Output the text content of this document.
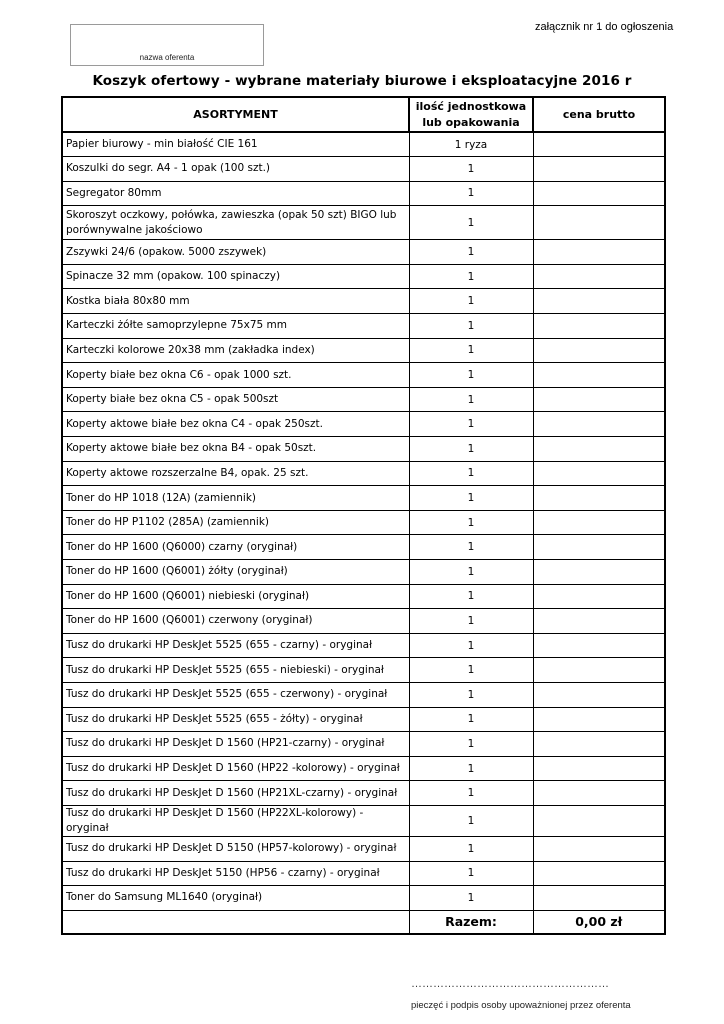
załącznik nr 1 do ogłoszenia
nazwa oferenta
Koszyk ofertowy - wybrane materiały biurowe i eksploatacyjne 2016 r
ASORTYMENT	ilość jednostkowa lub opakowania	cena brutto
Papier biurowy - min białość CIE 161	1 ryza	
Koszulki do segr. A4 - 1 opak (100 szt.)	1	
Segregator 80mm	1	
Skoroszyt oczkowy, połówka, zawieszka (opak 50 szt) BIGO lub porównywalne jakościowo	1	
Zszywki 24/6 (opakow. 5000 zszywek)	1	
Spinacze 32 mm (opakow. 100 spinaczy)	1	
Kostka biała 80x80 mm	1	
Karteczki żółte samoprzylepne 75x75 mm	1	
Karteczki kolorowe 20x38 mm (zakładka index)	1	
Koperty białe bez okna C6 - opak 1000 szt.	1	
Koperty białe bez okna C5 - opak 500szt	1	
Koperty aktowe białe bez okna C4 - opak 250szt.	1	
Koperty aktowe białe bez okna B4 - opak 50szt.	1	
Koperty aktowe rozszerzalne B4, opak. 25 szt.	1	
Toner do HP 1018 (12A) (zamiennik)	1	
Toner do HP P1102 (285A) (zamiennik)	1	
Toner do HP 1600 (Q6000) czarny (oryginał)	1	
Toner do HP 1600 (Q6001) żółty (oryginał)	1	
Toner do HP 1600 (Q6001) niebieski (oryginał)	1	
Toner do HP 1600 (Q6001) czerwony (oryginał)	1	
Tusz do drukarki HP DeskJet 5525 (655 - czarny) - oryginał	1	
Tusz do drukarki HP DeskJet 5525 (655 - niebieski) - oryginał	1	
Tusz do drukarki HP DeskJet 5525 (655 - czerwony) - oryginał	1	
Tusz do drukarki HP DeskJet 5525 (655 - żółty) - oryginał	1	
Tusz do drukarki HP DeskJet D 1560 (HP21-czarny) - oryginał	1	
Tusz do drukarki HP DeskJet D 1560 (HP22 -kolorowy) - oryginał	1	
Tusz do drukarki HP DeskJet D 1560 (HP21XL-czarny) - oryginał	1	
Tusz do drukarki HP DeskJet D 1560 (HP22XL-kolorowy) - oryginał	1	
Tusz do drukarki HP DeskJet D 5150 (HP57-kolorowy) - oryginał	1	
Tusz do drukarki HP DeskJet 5150 (HP56 - czarny) - oryginał	1	
Toner do Samsung ML1640 (oryginał)	1	
	Razem:	0,00 zł
………………………………………………
pieczęć i podpis osoby upoważnionej przez oferenta
